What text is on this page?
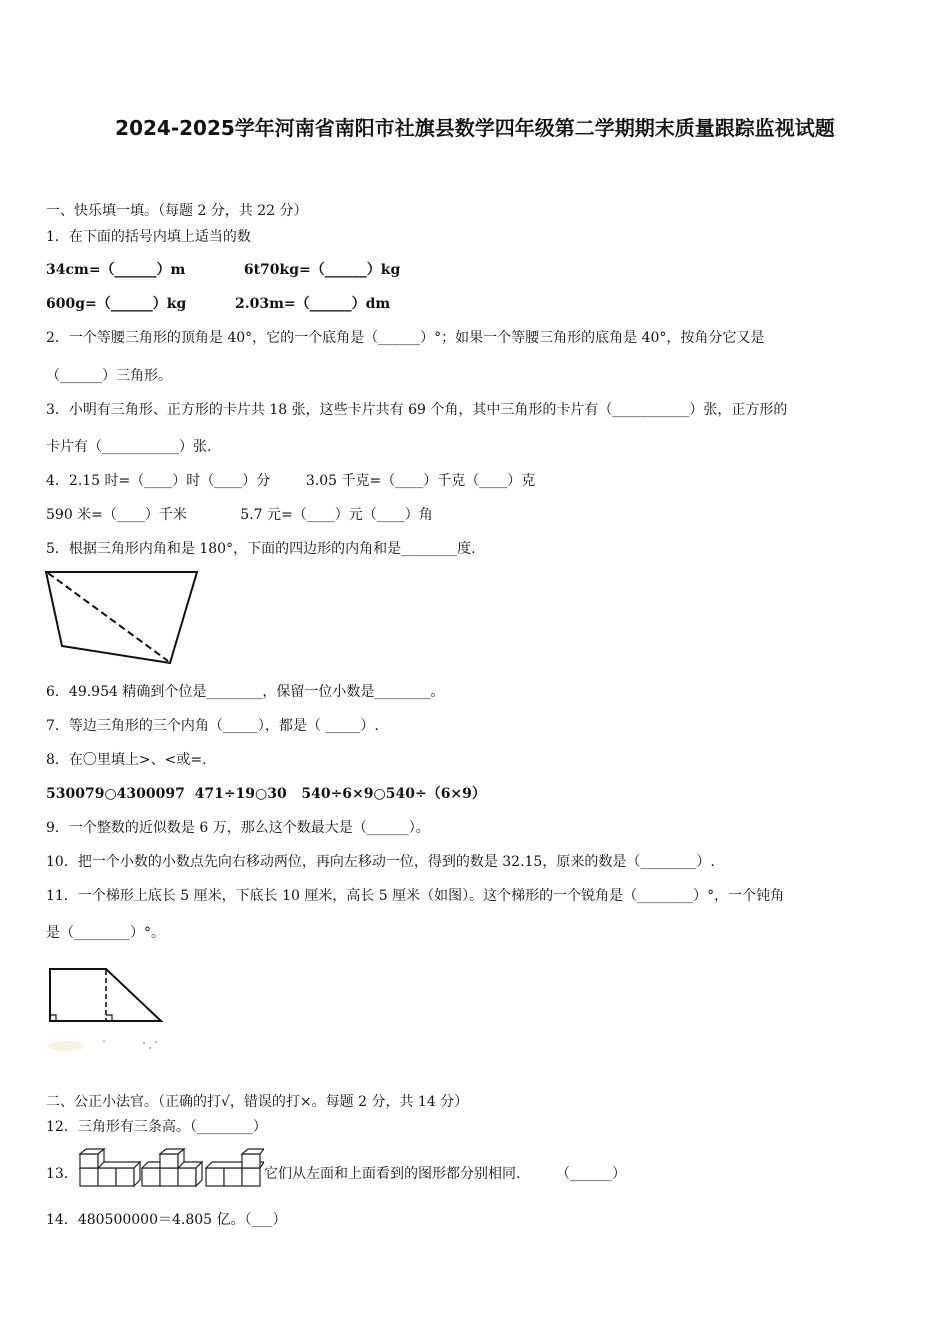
2024-2025学年河南省南阳市社旗县数学四年级第二学期期末质量跟踪监视试题
一、快乐填一填。（每题 2 分，共 22 分）
1．在下面的括号内填上适当的数
34cm=（______）m            6t70kg=（______）kg
600g=（______）kg          2.03m=（______）dm
2．一个等腰三角形的顶角是 40°，它的一个底角是（______）°；如果一个等腰三角形的底角是 40°，按角分它又是
（______）三角形。
3．小明有三角形、正方形的卡片共 18 张，这些卡片共有 69 个角，其中三角形的卡片有（___________）张，正方形的
卡片有（___________）张.
4．2.15 时=（____）时（____）分        3.05 千克=（____）千克（____）克
590 米=（____）千米            5.7 元=（____）元（____）角
5．根据三角形内角和是 180°，下面的四边形的内角和是________度.
6．49.954 精确到个位是________，保留一位小数是________。
7．等边三角形的三个内角（_____），都是（ _____）.
8．在〇里填上>、<或=.
530079○4300097  471÷19○30   540÷6×9○540÷（6×9）
9．一个整数的近似数是 6 万，那么这个数最大是（______）。
10．把一个小数的小数点先向右移动两位，再向左移动一位，得到的数是 32.15，原来的数是（________）.
11．一个梯形上底长 5 厘米，下底长 10 厘米，高长 5 厘米（如图）。这个梯形的一个锐角是（________）°，一个钝角
是（________）°。
二、公正小法官。（正确的打√，错误的打×。每题 2 分，共 14 分）
12．三角形有三条高。（________）
13．	它们从左面和上面看到的图形都分别相同.        （______）
14．480500000＝4.805 亿。（___）
